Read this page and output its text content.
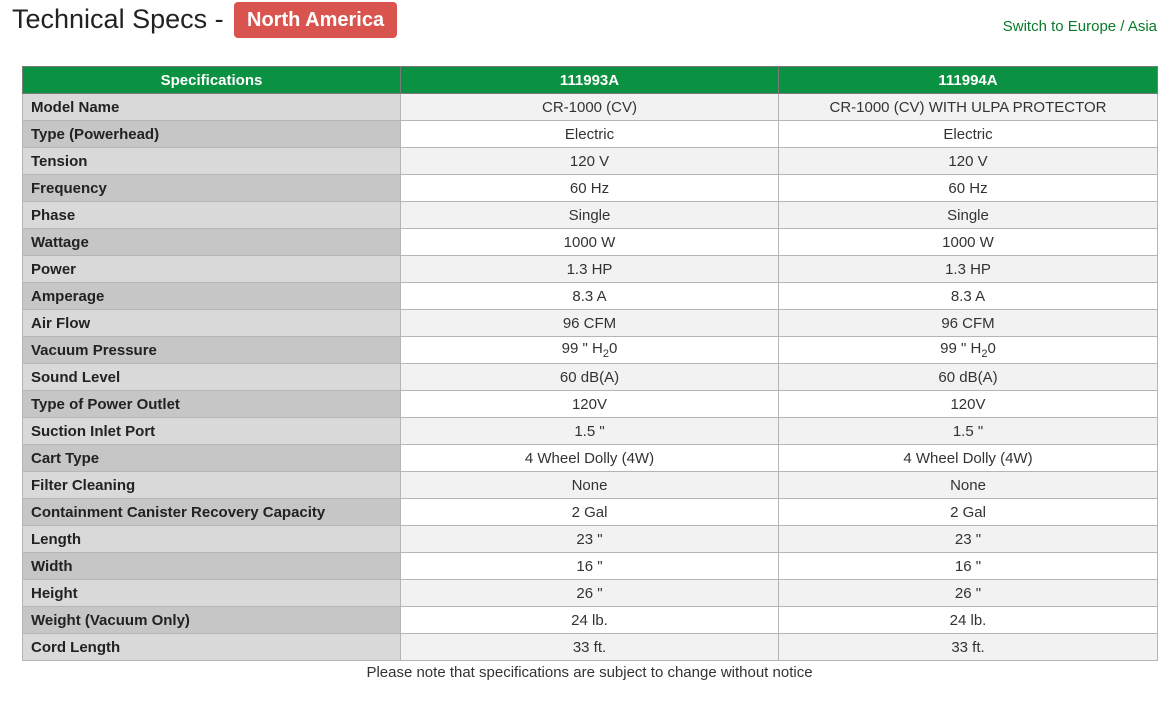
Technical Specs -	North America	Switch to Europe / Asia
Specifications	111993A	111994A
Model Name	CR-1000 (CV)	CR-1000 (CV) WITH ULPA PROTECTOR
Type (Powerhead)	Electric	Electric
Tension	120 V	120 V
Frequency	60 Hz	60 Hz
Phase	Single	Single
Wattage	1000 W	1000 W
Power	1.3 HP	1.3 HP
Amperage	8.3 A	8.3 A
Air Flow	96 CFM	96 CFM
Vacuum Pressure	99 " $H_20$	99 " $H_20$
Sound Level	60 dB(A)	60 dB(A)
Type of Power Outlet	120V	120V
Suction Inlet Port	1.5 "	1.5 "
Cart Type	4 Wheel Dolly (4W)	4 Wheel Dolly (4W)
Filter Cleaning	None	None
Containment Canister Recovery Capacity	2 Gal	2 Gal
Length	23 "	23 "
Width	16 "	16 "
Height	26 "	26 "
Weight (Vacuum Only)	24 lb.	24 lb.
Cord Length	33 ft.	33 ft.
Please note that specifications are subject to change without notice
